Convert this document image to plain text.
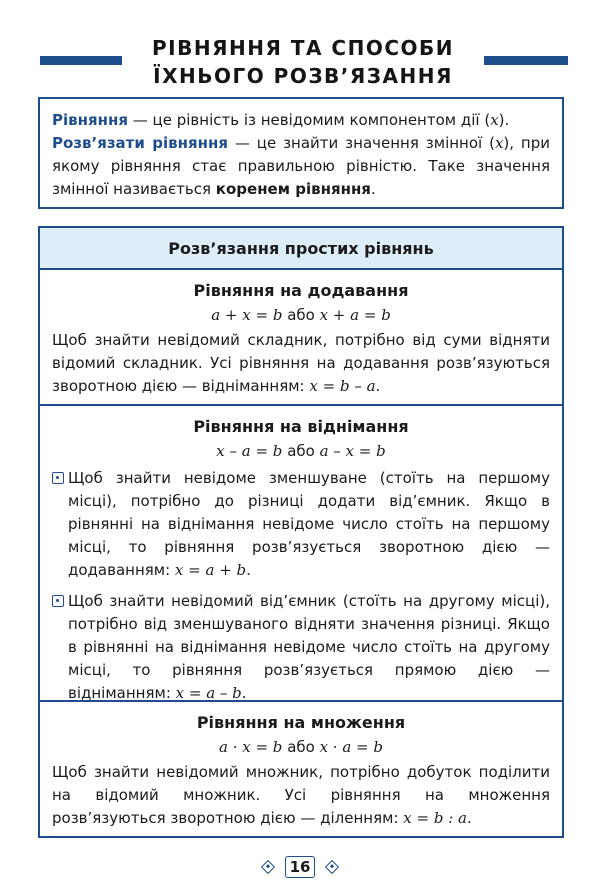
РІВНЯННЯ ТА СПОСОБИ
ЇХНЬОГО РОЗВ’ЯЗАННЯ
Рівняння — це рівність із невідомим компонентом дії (x).
Розв’язати рівняння — це знайти значення змінної (x), при якому рівняння стає правильною рівністю. Таке значення змінної називається коренем рівняння.
Розв’язання простих рівнянь
Рівняння на додавання
a + x = b або x + a = b
Щоб знайти невідомий складник, потрібно від суми відняти відомий складник. Усі рівняння на додавання розв’язуються зворотною дією — відніманням: x = b – a.
Рівняння на віднімання
x – a = b або a – x = b
Щоб знайти невідоме зменшуване (стоїть на першому місці), потрібно до різниці додати від’ємник. Якщо в рівнянні на віднімання невідоме число стоїть на першому місці, то рівняння розв’язується зворотною дією — додаванням: x = a + b.
Щоб знайти невідомий від’ємник (стоїть на другому місці), потрібно від зменшуваного відняти значення різниці. Якщо в рівнянні на віднімання невідоме число стоїть на другому місці, то рівняння розв’язується прямою дією — відніманням: x = a – b.
Рівняння на множення
a · x = b або x · a = b
Щоб знайти невідомий множник, потрібно добуток поділити на відомий множник. Усі рівняння на множення розв’язуються зворотною дією — діленням: x = b : a.
16
